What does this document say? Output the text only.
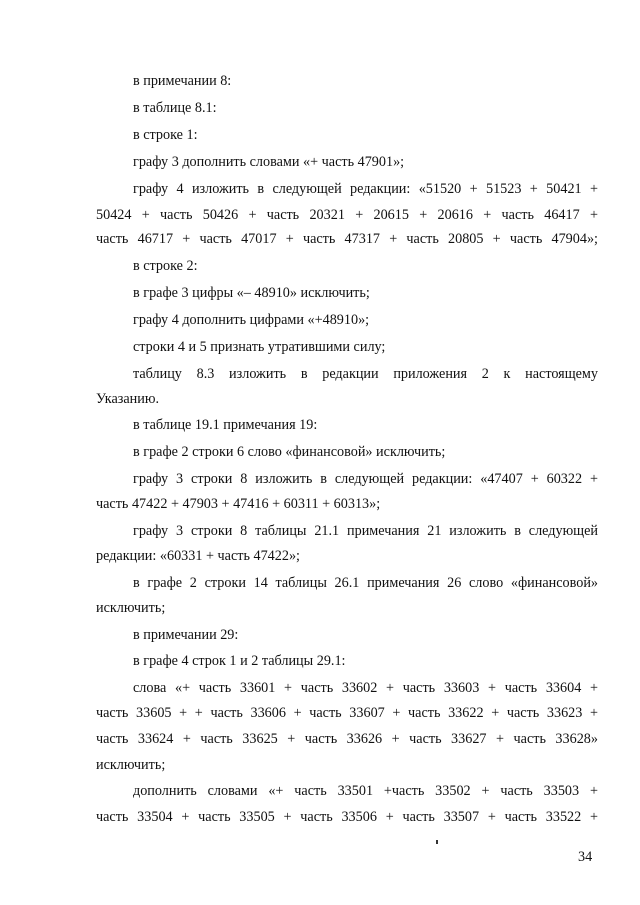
в примечании 8:

в таблице 8.1:

в строке 1:

графу 3 дополнить словами «+ часть 47901»;

графу 4 изложить в следующей редакции: «51520 + 51523 + 50421 +

50424 + часть 50426 + часть 20321 + 20615 + 20616 + часть 46417 +

часть 46717 + часть 47017 + часть 47317 + часть 20805 + часть 47904»;

в строке 2:

в графе 3 цифры «– 48910» исключить;

графу 4 дополнить цифрами «+48910»;

строки 4 и 5 признать утратившими силу;

таблицу 8.3 изложить в редакции приложения 2 к настоящему

Указанию.

в таблице 19.1 примечания 19:

в графе 2 строки 6 слово «финансовой» исключить;

графу 3 строки 8 изложить в следующей редакции: «47407 + 60322 +

часть 47422 + 47903 + 47416 + 60311 + 60313»;

графу 3 строки 8 таблицы 21.1 примечания 21 изложить в следующей

редакции: «60331 + часть 47422»;

в графе 2 строки 14 таблицы 26.1 примечания 26 слово «финансовой»

исключить;

в примечании 29:

в графе 4 строк 1 и 2 таблицы 29.1:

слова «+ часть 33601 + часть 33602 + часть 33603 + часть 33604 +

часть 33605 + + часть 33606 + часть 33607 + часть 33622 + часть 33623 +

часть 33624 + часть 33625 + часть 33626 + часть 33627 + часть 33628»

исключить;

дополнить словами «+ часть 33501 +часть 33502 + часть 33503 +

часть 33504 + часть 33505 + часть 33506 + часть 33507 + часть 33522 +

34
